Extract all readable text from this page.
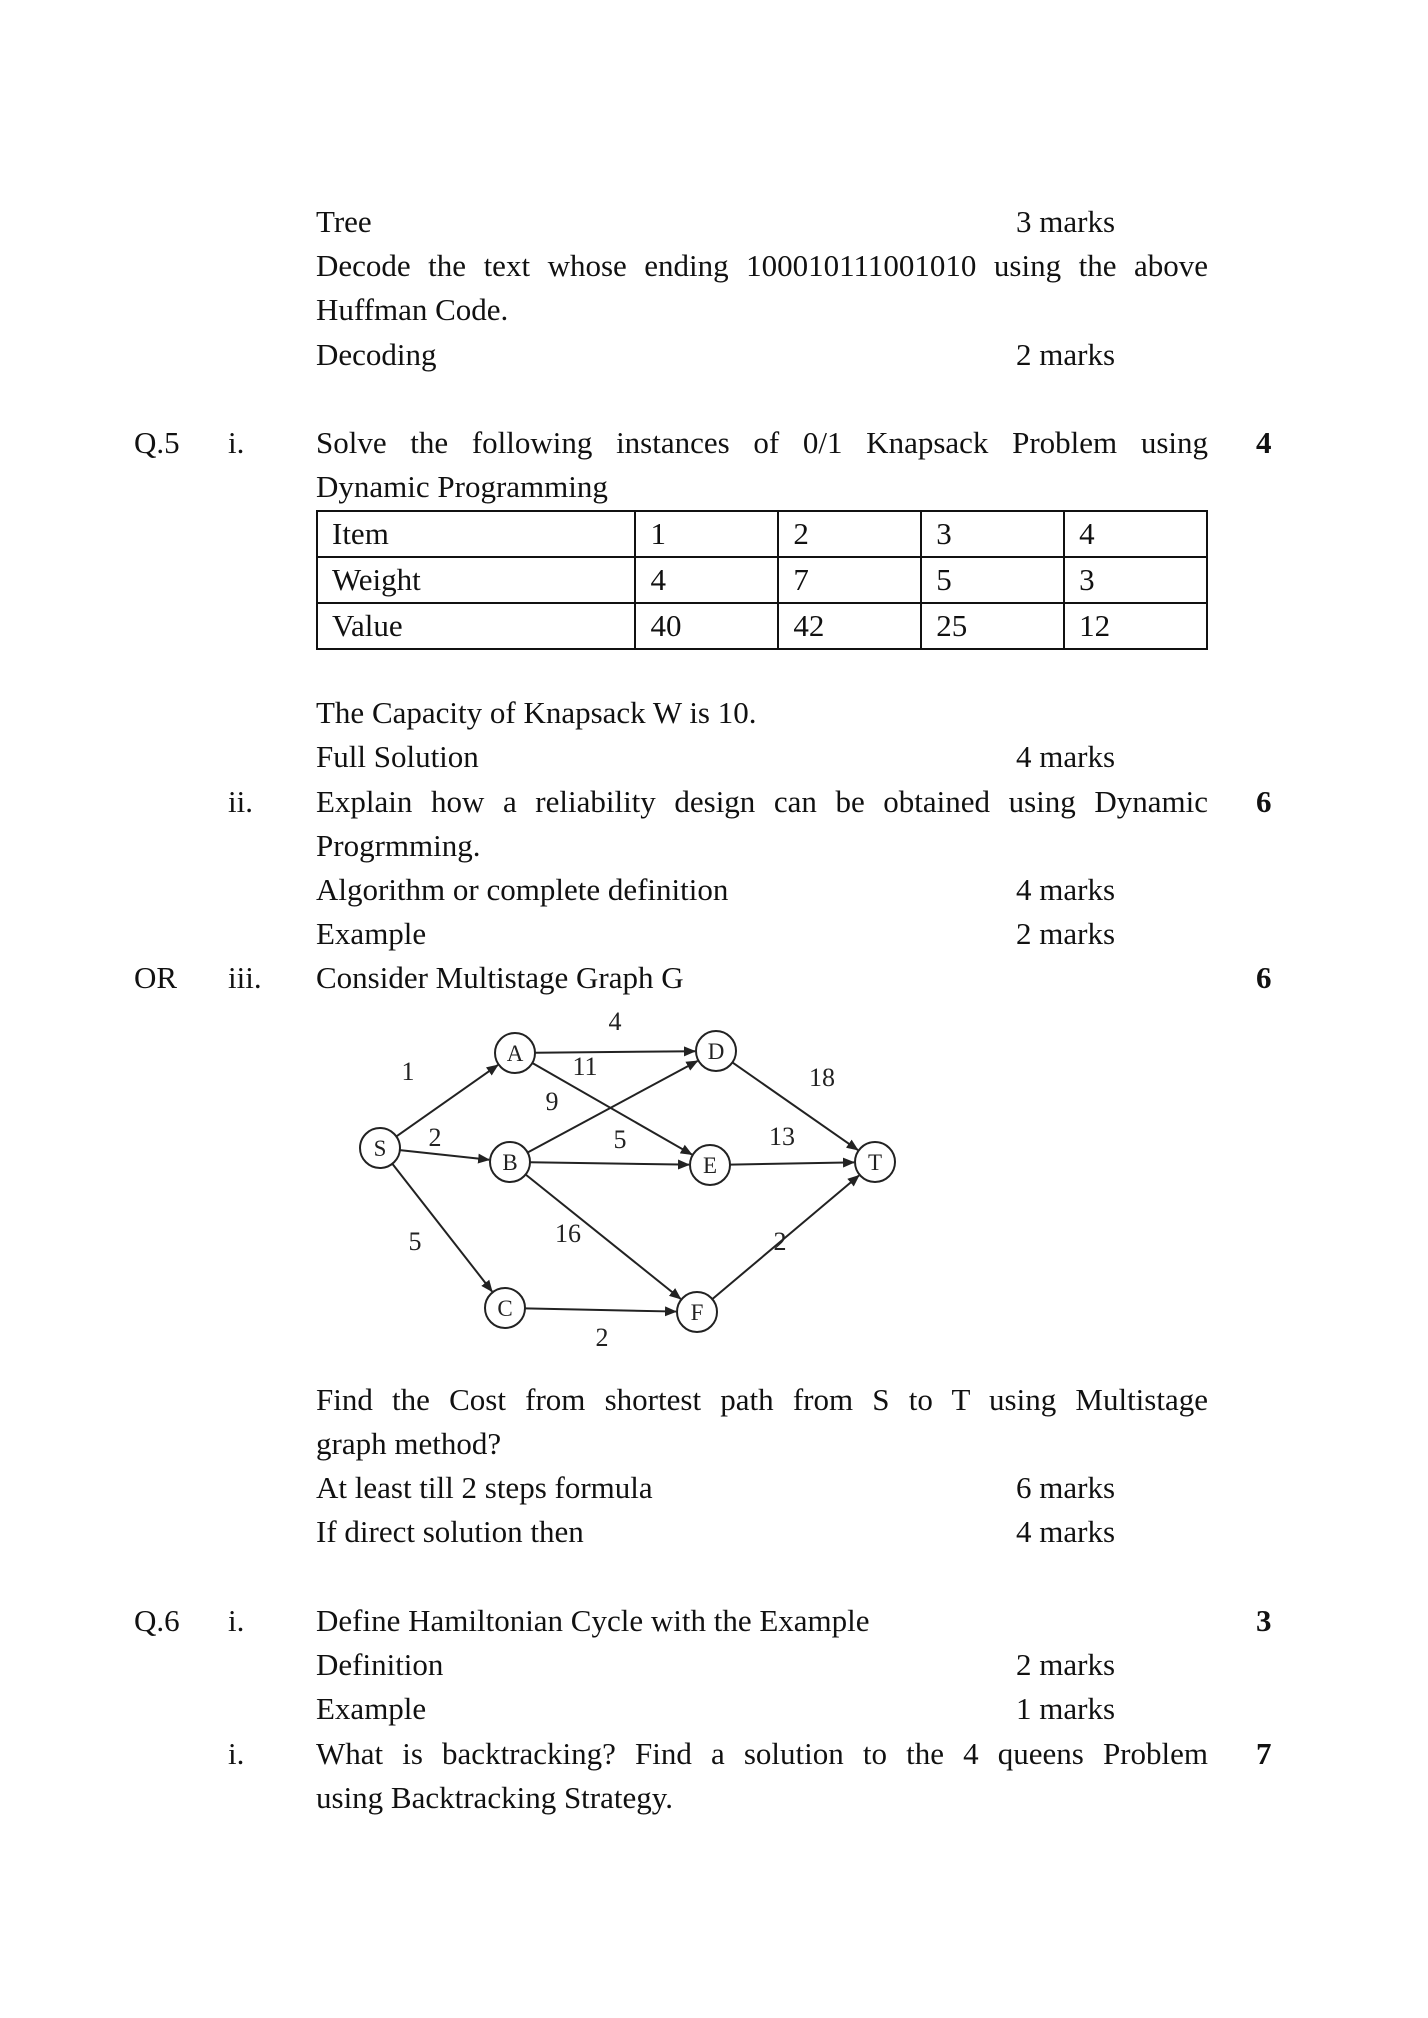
Tree	3 marks
Decode the text whose ending 100010111001010 using the above
Huffman Code.
Decoding	2 marks
Q.5 i. Solve the following instances of 0/1 Knapsack Problem using 4
Dynamic Programming
Item	1	2	3	4
Weight	4	7	5	3
Value	40	42	25	12
The Capacity of Knapsack W is 10.
Full Solution	4 marks
ii. Explain how a reliability design can be obtained using Dynamic 6
Progrmming.
Algorithm or complete definition	4 marks
Example	2 marks
OR iii. Consider Multistage Graph G	6
1
2
5
4
11
9
5
16
2
18
13
2
S
A
B
C
D
E
F
T
Find the Cost from shortest path from S to T using Multistage
graph method?
At least till 2 steps formula	6 marks
If direct solution then	4 marks
Q.6 i. Define Hamiltonian Cycle with the Example	3
Definition	2 marks
Example	1 marks
i. What is backtracking? Find a solution to the 4 queens Problem 7
using Backtracking Strategy.
